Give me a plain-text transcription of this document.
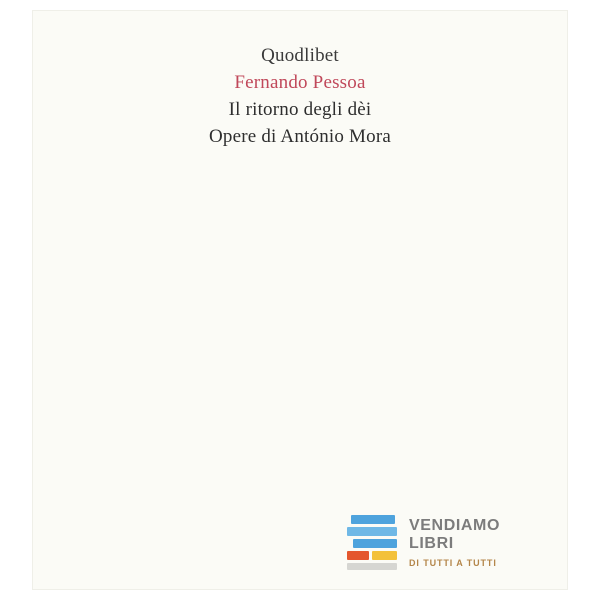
Quodlibet
Fernando Pessoa
Il ritorno degli dèi
Opere di António Mora
VENDIAMO
LIBRI
DI TUTTI A TUTTI
